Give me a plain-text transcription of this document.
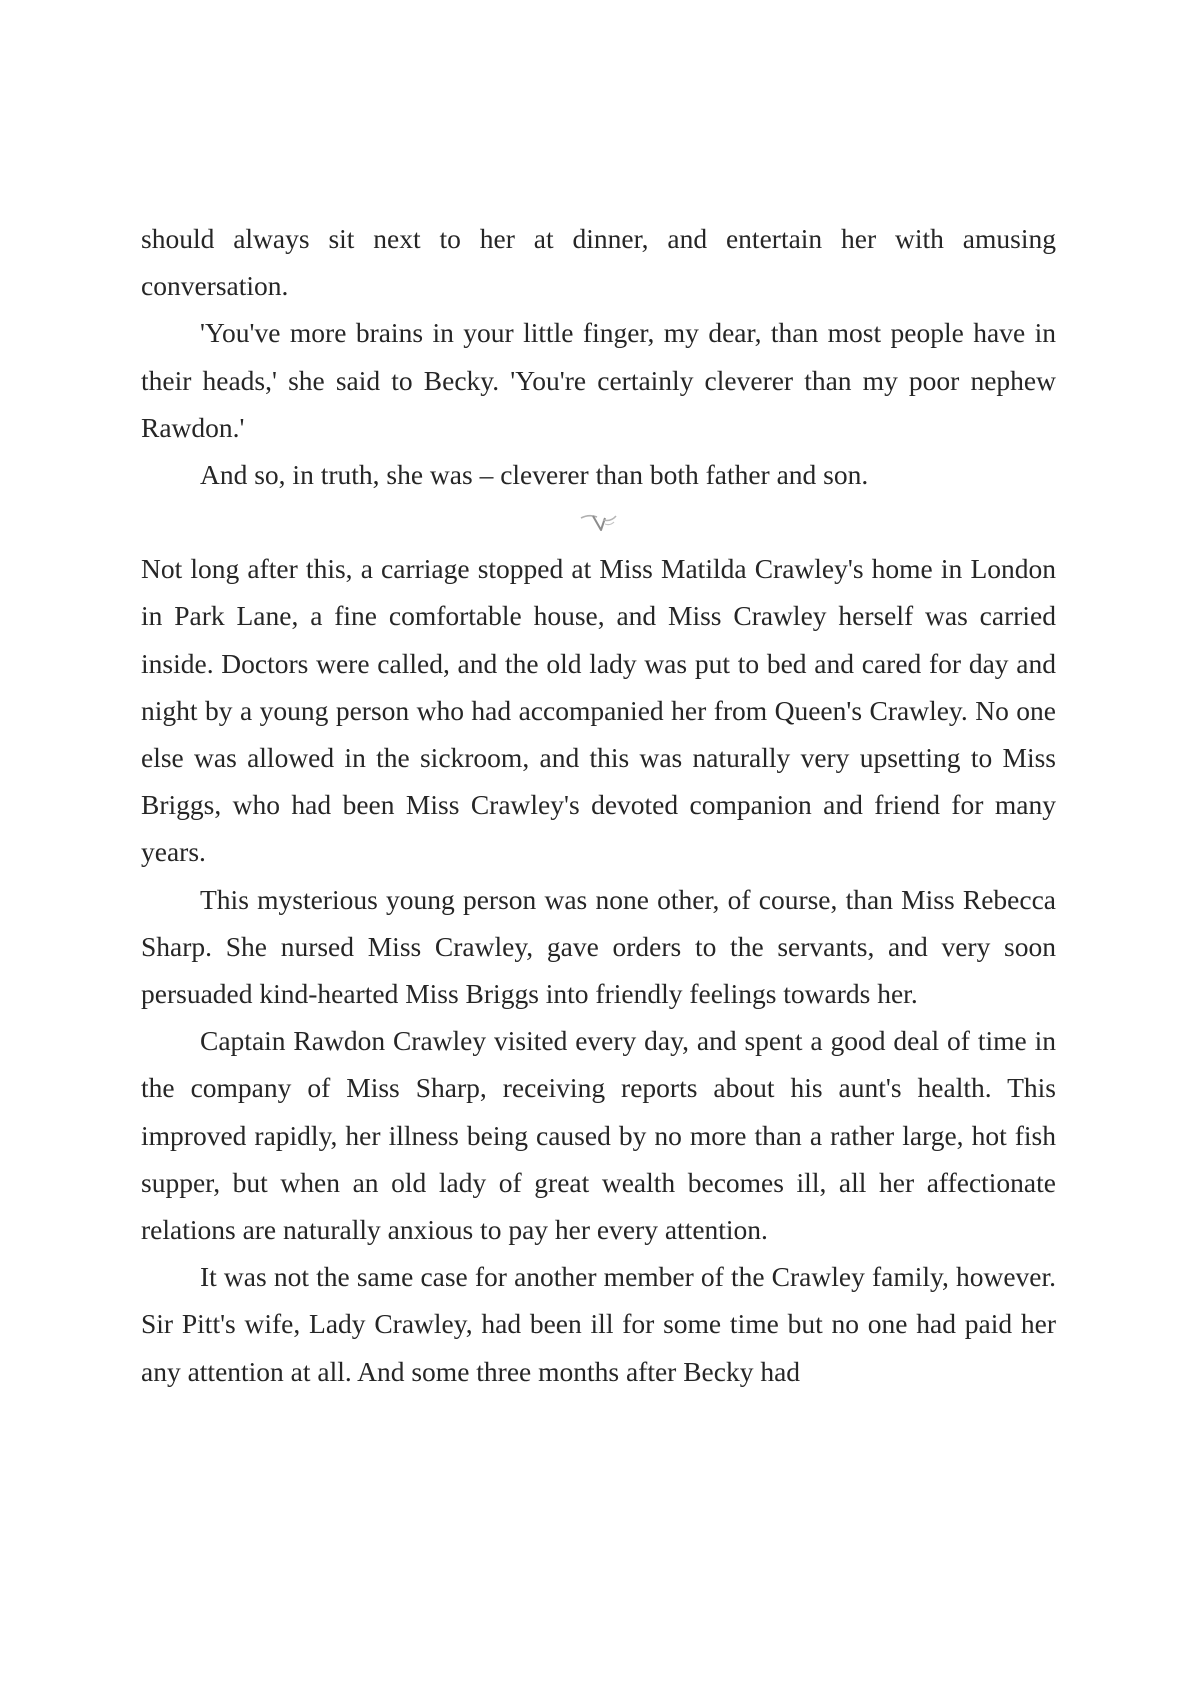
should always sit next to her at dinner, and entertain her with amusing conversation.

'You've more brains in your little finger, my dear, than most people have in their heads,' she said to Becky. 'You're certainly cleverer than my poor nephew Rawdon.'

And so, in truth, she was – cleverer than both father and son.

Not long after this, a carriage stopped at Miss Matilda Crawley's home in London in Park Lane, a fine comfortable house, and Miss Crawley herself was carried inside. Doctors were called, and the old lady was put to bed and cared for day and night by a young person who had accompanied her from Queen's Crawley. No one else was allowed in the sickroom, and this was naturally very upsetting to Miss Briggs, who had been Miss Crawley's devoted companion and friend for many years.

This mysterious young person was none other, of course, than Miss Rebecca Sharp. She nursed Miss Crawley, gave orders to the servants, and very soon persuaded kind-hearted Miss Briggs into friendly feelings towards her.

Captain Rawdon Crawley visited every day, and spent a good deal of time in the company of Miss Sharp, receiving reports about his aunt's health. This improved rapidly, her illness being caused by no more than a rather large, hot fish supper, but when an old lady of great wealth becomes ill, all her affectionate relations are naturally anxious to pay her every attention.

It was not the same case for another member of the Crawley family, however. Sir Pitt's wife, Lady Crawley, had been ill for some time but no one had paid her any attention at all. And some three months after Becky had
